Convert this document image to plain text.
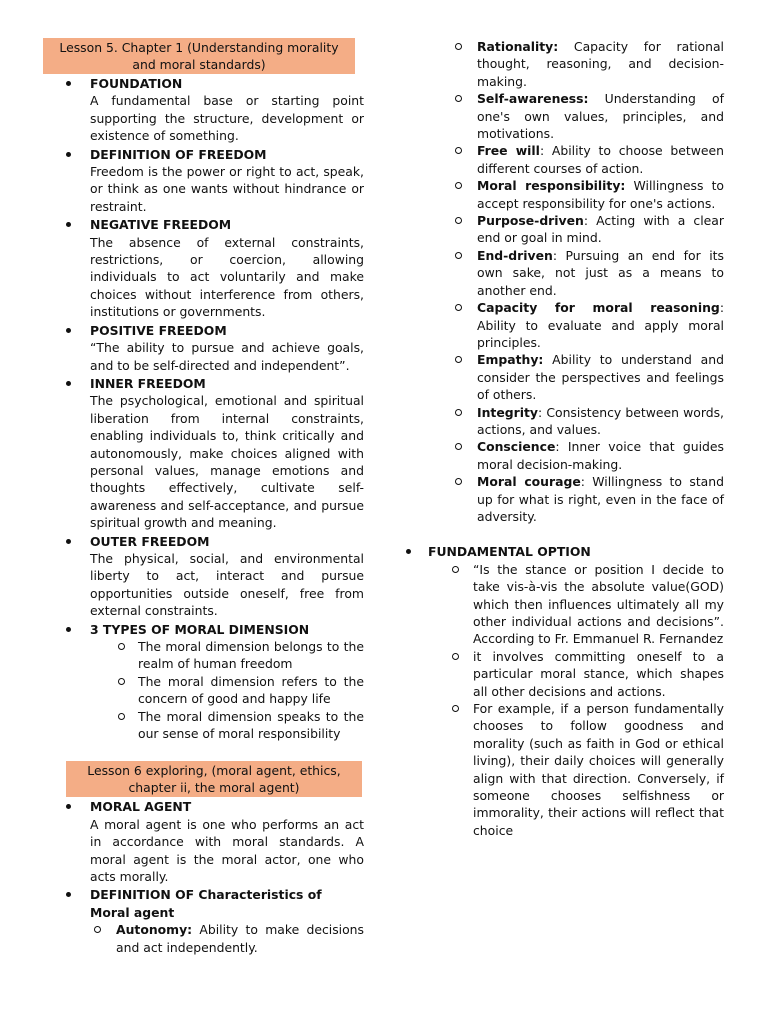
Lesson 5. Chapter 1 (Understanding morality and moral standards)
FOUNDATION
A fundamental base or starting point supporting the structure, development or existence of something.
DEFINITION OF FREEDOM
Freedom is the power or right to act, speak, or think as one wants without hindrance or restraint.
NEGATIVE FREEDOM
The absence of external constraints, restrictions, or coercion, allowing individuals to act voluntarily and make choices without interference from others, institutions or governments.
POSITIVE FREEDOM
“The ability to pursue and achieve goals, and to be self-directed and independent”.
INNER FREEDOM
The psychological, emotional and spiritual liberation from internal constraints, enabling individuals to, think critically and autonomously, make choices aligned with personal values, manage emotions and thoughts effectively, cultivate self-awareness and self-acceptance, and pursue spiritual growth and meaning.
OUTER FREEDOM
The physical, social, and environmental liberty to act, interact and pursue opportunities outside oneself, free from external constraints.
3 TYPES OF MORAL DIMENSION
The moral dimension belongs to the realm of human freedom
The moral dimension refers to the concern of good and happy life
The moral dimension speaks to the our sense of moral responsibility
Lesson 6 exploring, (moral agent, ethics, chapter ii, the moral agent)
MORAL AGENT
A moral agent is one who performs an act in accordance with moral standards. A moral agent is the moral actor, one who acts morally.
DEFINITION OF Characteristics of Moral agent
Autonomy: Ability to make decisions and act independently.
Rationality: Capacity for rational thought, reasoning, and decision-making.
Self-awareness: Understanding of one's own values, principles, and motivations.
Free will: Ability to choose between different courses of action.
Moral responsibility: Willingness to accept responsibility for one's actions.
Purpose-driven: Acting with a clear end or goal in mind.
End-driven: Pursuing an end for its own sake, not just as a means to another end.
Capacity for moral reasoning: Ability to evaluate and apply moral principles.
Empathy: Ability to understand and consider the perspectives and feelings of others.
Integrity: Consistency between words, actions, and values.
Conscience: Inner voice that guides moral decision-making.
Moral courage: Willingness to stand up for what is right, even in the face of adversity.
FUNDAMENTAL OPTION
“Is the stance or position I decide to take vis-à-vis the absolute value(GOD) which then influences ultimately all my other individual actions and decisions”. According to Fr. Emmanuel R. Fernandez
it involves committing oneself to a particular moral stance, which shapes all other decisions and actions.
For example, if a person fundamentally chooses to follow goodness and morality (such as faith in God or ethical living), their daily choices will generally align with that direction. Conversely, if someone chooses selfishness or immorality, their actions will reflect that choice
